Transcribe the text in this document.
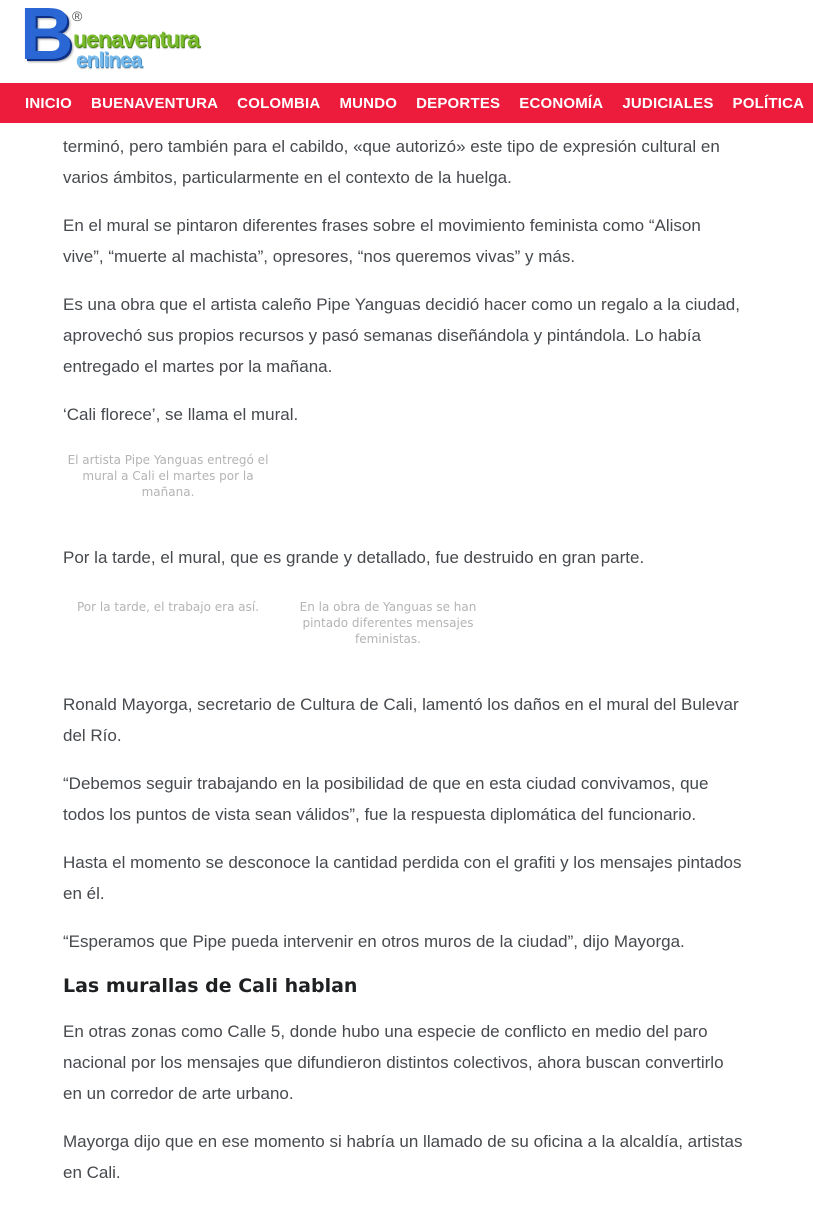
B ®
uenaventura
enlinea
INICIO BUENAVENTURA COLOMBIA MUNDO DEPORTES ECONOMÍA JUDICIALES POLÍTICA

terminó, pero también para el cabildo, «que autorizó» este tipo de expresión cultural en varios ámbitos, particularmente en el contexto de la huelga.

En el mural se pintaron diferentes frases sobre el movimiento feminista como “Alison vive”, “muerte al machista”, opresores, “nos queremos vivas” y más.

Es una obra que el artista caleño Pipe Yanguas decidió hacer como un regalo a la ciudad, aprovechó sus propios recursos y pasó semanas diseñándola y pintándola. Lo había entregado el martes por la mañana.

‘Cali florece’, se llama el mural.

El artista Pipe Yanguas entregó el mural a Cali el martes por la mañana.

Por la tarde, el mural, que es grande y detallado, fue destruido en gran parte.

Por la tarde, el trabajo era así.	En la obra de Yanguas se han pintado diferentes mensajes feministas.

Ronald Mayorga, secretario de Cultura de Cali, lamentó los daños en el mural del Bulevar del Río.

“Debemos seguir trabajando en la posibilidad de que en esta ciudad convivamos, que todos los puntos de vista sean válidos”, fue la respuesta diplomática del funcionario.

Hasta el momento se desconoce la cantidad perdida con el grafiti y los mensajes pintados en él.

“Esperamos que Pipe pueda intervenir en otros muros de la ciudad”, dijo Mayorga.

Las murallas de Cali hablan

En otras zonas como Calle 5, donde hubo una especie de conflicto en medio del paro nacional por los mensajes que difundieron distintos colectivos, ahora buscan convertirlo en un corredor de arte urbano.

Mayorga dijo que en ese momento si habría un llamado de su oficina a la alcaldía, artistas en Cali.
